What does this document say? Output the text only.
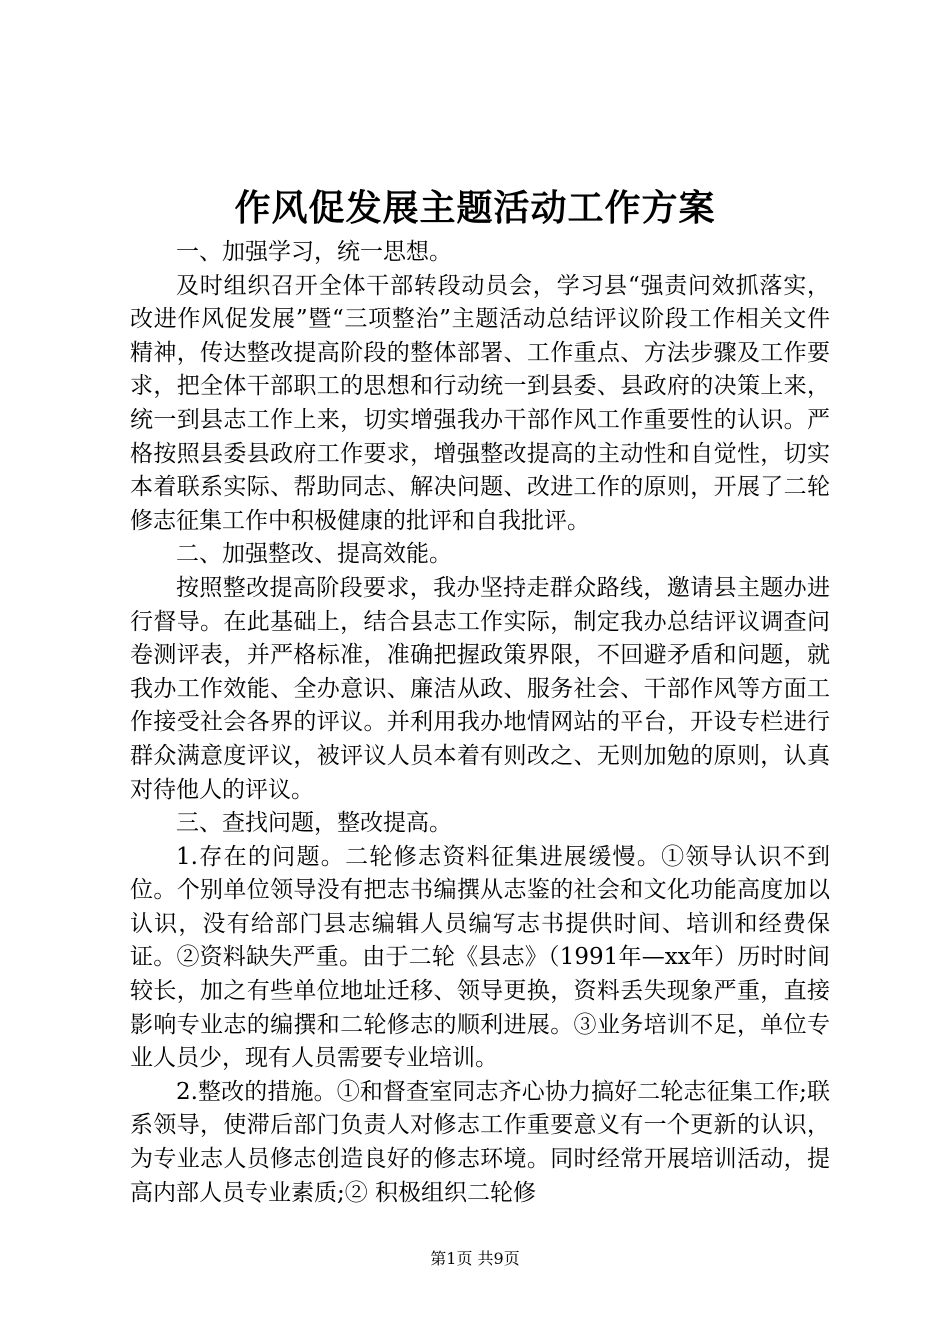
作风促发展主题活动工作方案

一、加强学习，统一思想。

及时组织召开全体干部转段动员会，学习县“强责问效抓落实，改进作风促发展”暨“三项整治”主题活动总结评议阶段工作相关文件精神，传达整改提高阶段的整体部署、工作重点、方法步骤及工作要求，把全体干部职工的思想和行动统一到县委、县政府的决策上来，统一到县志工作上来，切实增强我办干部作风工作重要性的认识。严格按照县委县政府工作要求，增强整改提高的主动性和自觉性，切实本着联系实际、帮助同志、解决问题、改进工作的原则，开展了二轮修志征集工作中积极健康的批评和自我批评。

二、加强整改、提高效能。

按照整改提高阶段要求，我办坚持走群众路线，邀请县主题办进行督导。在此基础上，结合县志工作实际，制定我办总结评议调查问卷测评表，并严格标准，准确把握政策界限，不回避矛盾和问题，就我办工作效能、全办意识、廉洁从政、服务社会、干部作风等方面工作接受社会各界的评议。并利用我办地情网站的平台，开设专栏进行群众满意度评议，被评议人员本着有则改之、无则加勉的原则，认真对待他人的评议。

三、查找问题，整改提高。

1.存在的问题。二轮修志资料征集进展缓慢。①领导认识不到位。个别单位领导没有把志书编撰从志鉴的社会和文化功能高度加以认识，没有给部门县志编辑人员编写志书提供时间、培训和经费保证。②资料缺失严重。由于二轮《县志》（1991年—xx年）历时时间较长，加之有些单位地址迁移、领导更换，资料丢失现象严重，直接影响专业志的编撰和二轮修志的顺利进展。③业务培训不足，单位专业人员少，现有人员需要专业培训。

2.整改的措施。①和督查室同志齐心协力搞好二轮志征集工作;联系领导，使滞后部门负责人对修志工作重要意义有一个更新的认识，为专业志人员修志创造良好的修志环境。同时经常开展培训活动，提高内部人员专业素质;② 积极组织二轮修

第1页 共9页
